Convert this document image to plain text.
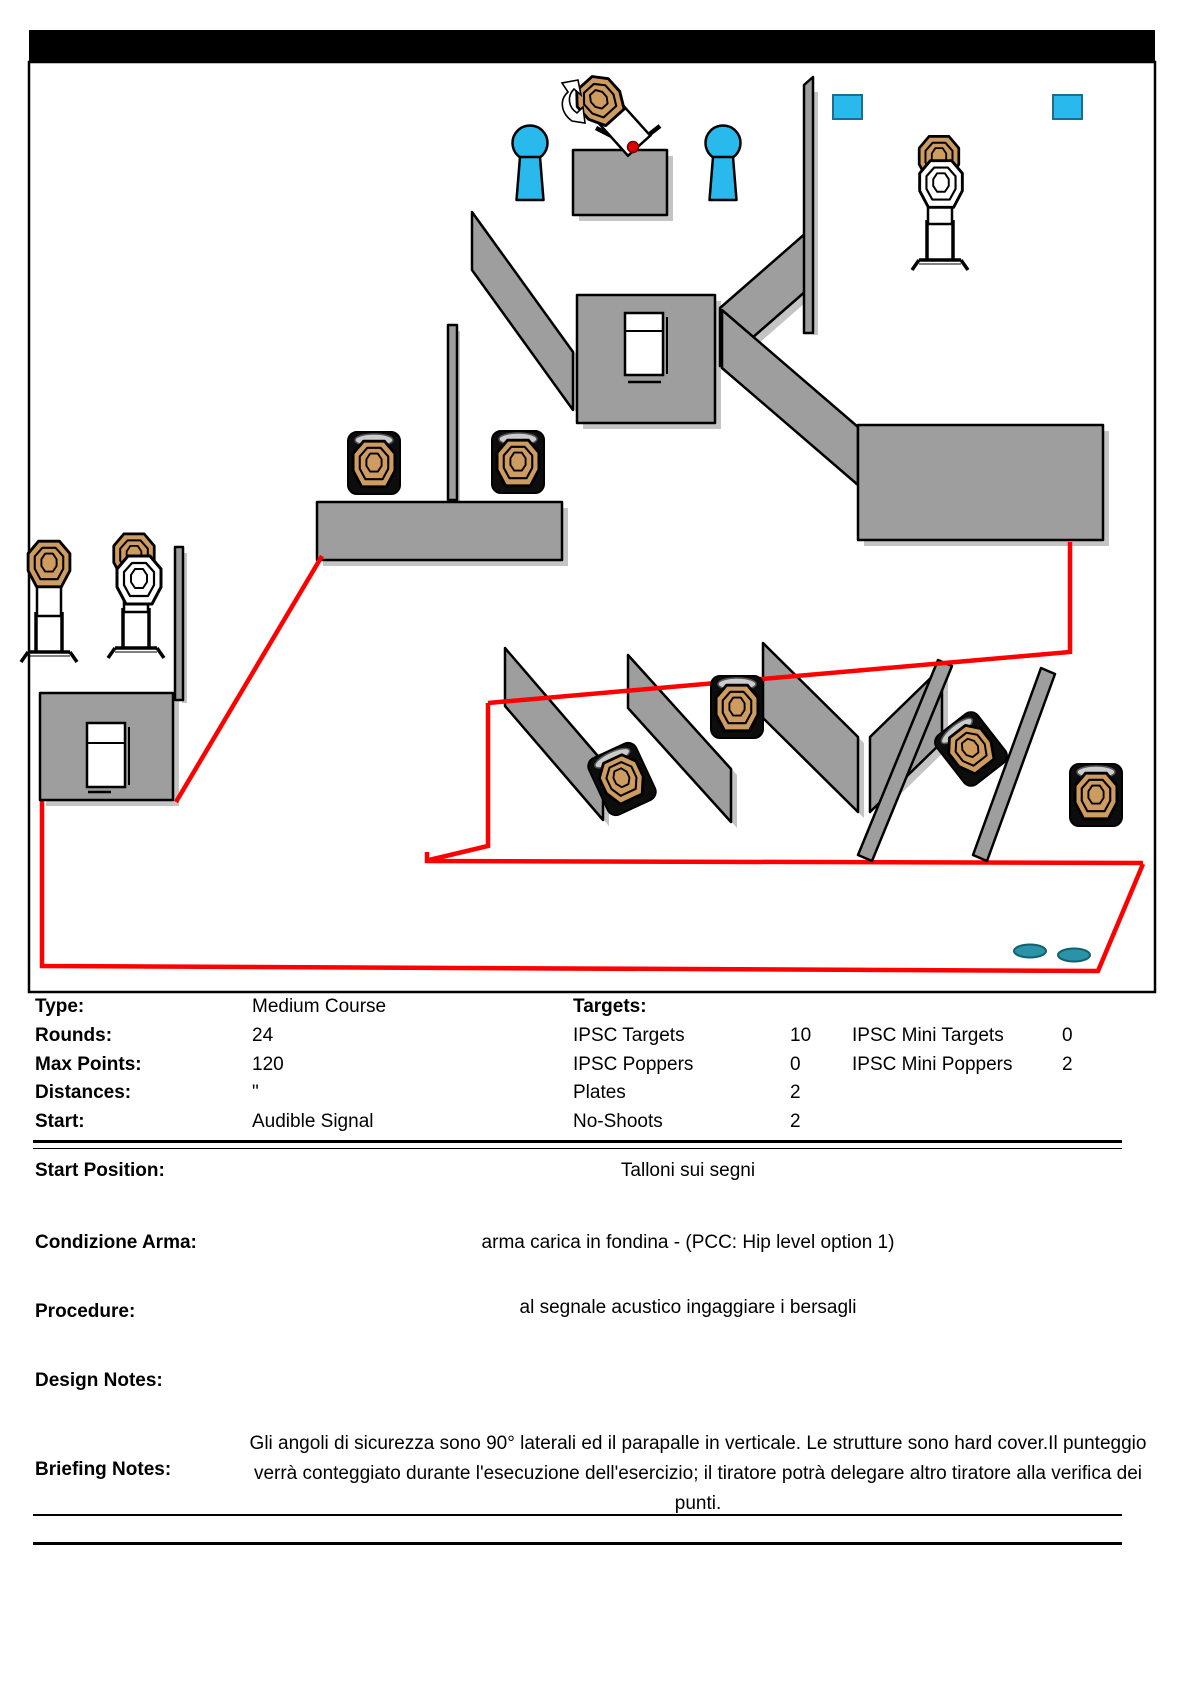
Type:	Medium Course
Rounds:	24
Max Points:	120
Distances:	"
Start:	Audible Signal
Targets:
IPSC Targets	10
IPSC Poppers	0
Plates	2
No-Shoots	2
IPSC Mini Targets	0
IPSC Mini Poppers	2
Start Position:	Talloni sui segni
Condizione Arma:	arma carica in fondina - (PCC: Hip level option 1)
Procedure:	al segnale acustico ingaggiare i bersagli
Design Notes:
Briefing Notes:
Gli angoli di sicurezza sono 90° laterali ed il parapalle in verticale. Le strutture sono hard cover.Il punteggio verrà conteggiato durante l'esecuzione dell'esercizio; il tiratore potrà delegare altro tiratore alla verifica dei punti.
